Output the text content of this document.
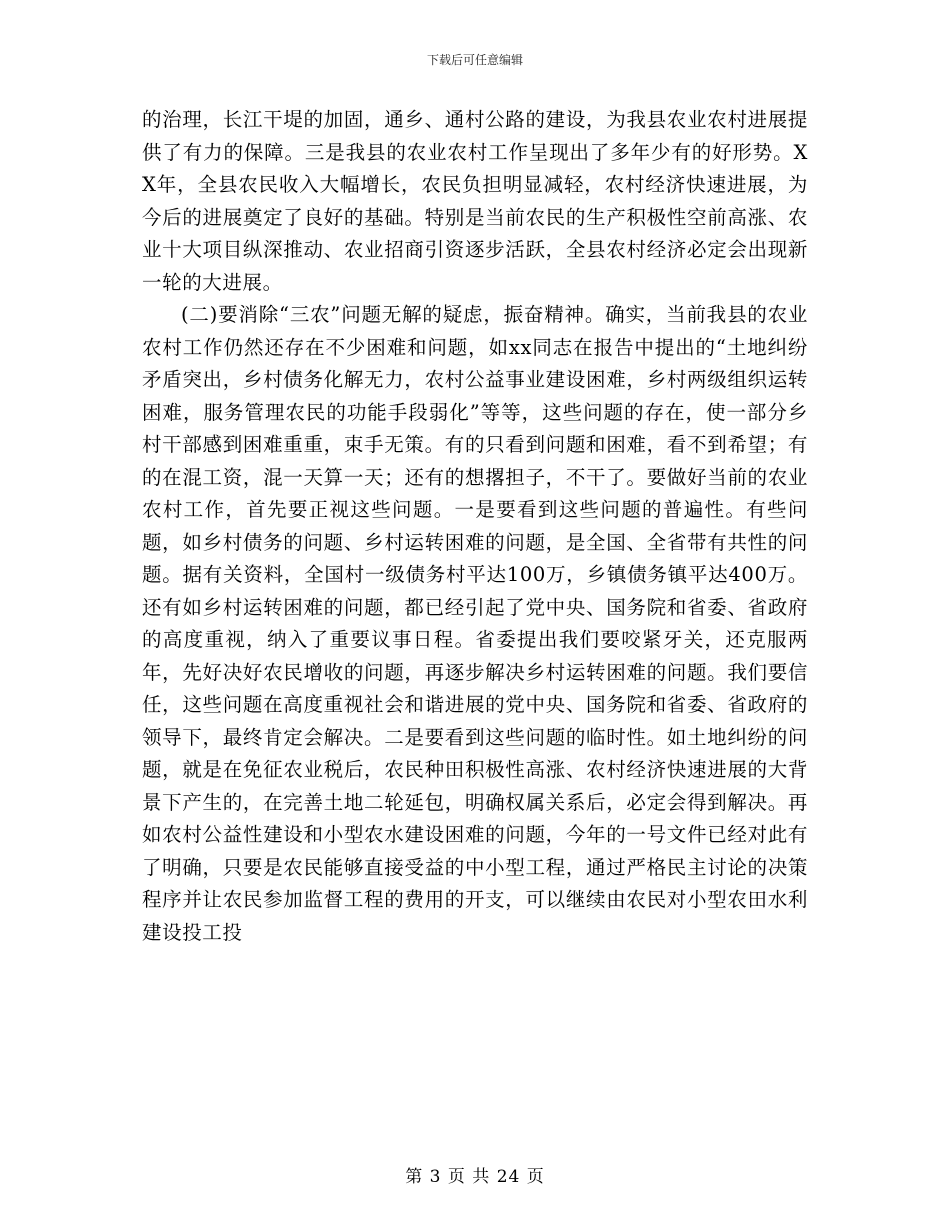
下载后可任意编辑

的治理，长江干堤的加固，通乡、通村公路的建设，为我县农业农村进展提供了有力的保障。三是我县的农业农村工作呈现出了多年少有的好形势。XX年，全县农民收入大幅增长，农民负担明显减轻，农村经济快速进展，为今后的进展奠定了良好的基础。特别是当前农民的生产积极性空前高涨、农业十大项目纵深推动、农业招商引资逐步活跃，全县农村经济必定会出现新一轮的大进展。

(二)要消除“三农”问题无解的疑虑，振奋精神。确实，当前我县的农业农村工作仍然还存在不少困难和问题，如xx同志在报告中提出的“土地纠纷矛盾突出，乡村债务化解无力，农村公益事业建设困难，乡村两级组织运转困难，服务管理农民的功能手段弱化”等等，这些问题的存在，使一部分乡村干部感到困难重重，束手无策。有的只看到问题和困难，看不到希望；有的在混工资，混一天算一天；还有的想撂担子，不干了。要做好当前的农业农村工作，首先要正视这些问题。一是要看到这些问题的普遍性。有些问题，如乡村债务的问题、乡村运转困难的问题，是全国、全省带有共性的问题。据有关资料，全国村一级债务村平达100万，乡镇债务镇平达400万。还有如乡村运转困难的问题，都已经引起了党中央、国务院和省委、省政府的高度重视，纳入了重要议事日程。省委提出我们要咬紧牙关，还克服两年，先好决好农民增收的问题，再逐步解决乡村运转困难的问题。我们要信任，这些问题在高度重视社会和谐进展的党中央、国务院和省委、省政府的领导下，最终肯定会解决。二是要看到这些问题的临时性。如土地纠纷的问题，就是在免征农业税后，农民种田积极性高涨、农村经济快速进展的大背景下产生的，在完善土地二轮延包，明确权属关系后，必定会得到解决。再如农村公益性建设和小型农水建设困难的问题，今年的一号文件已经对此有了明确，只要是农民能够直接受益的中小型工程，通过严格民主讨论的决策程序并让农民参加监督工程的费用的开支，可以继续由农民对小型农田水利建设投工投

第 3 页 共 24 页
